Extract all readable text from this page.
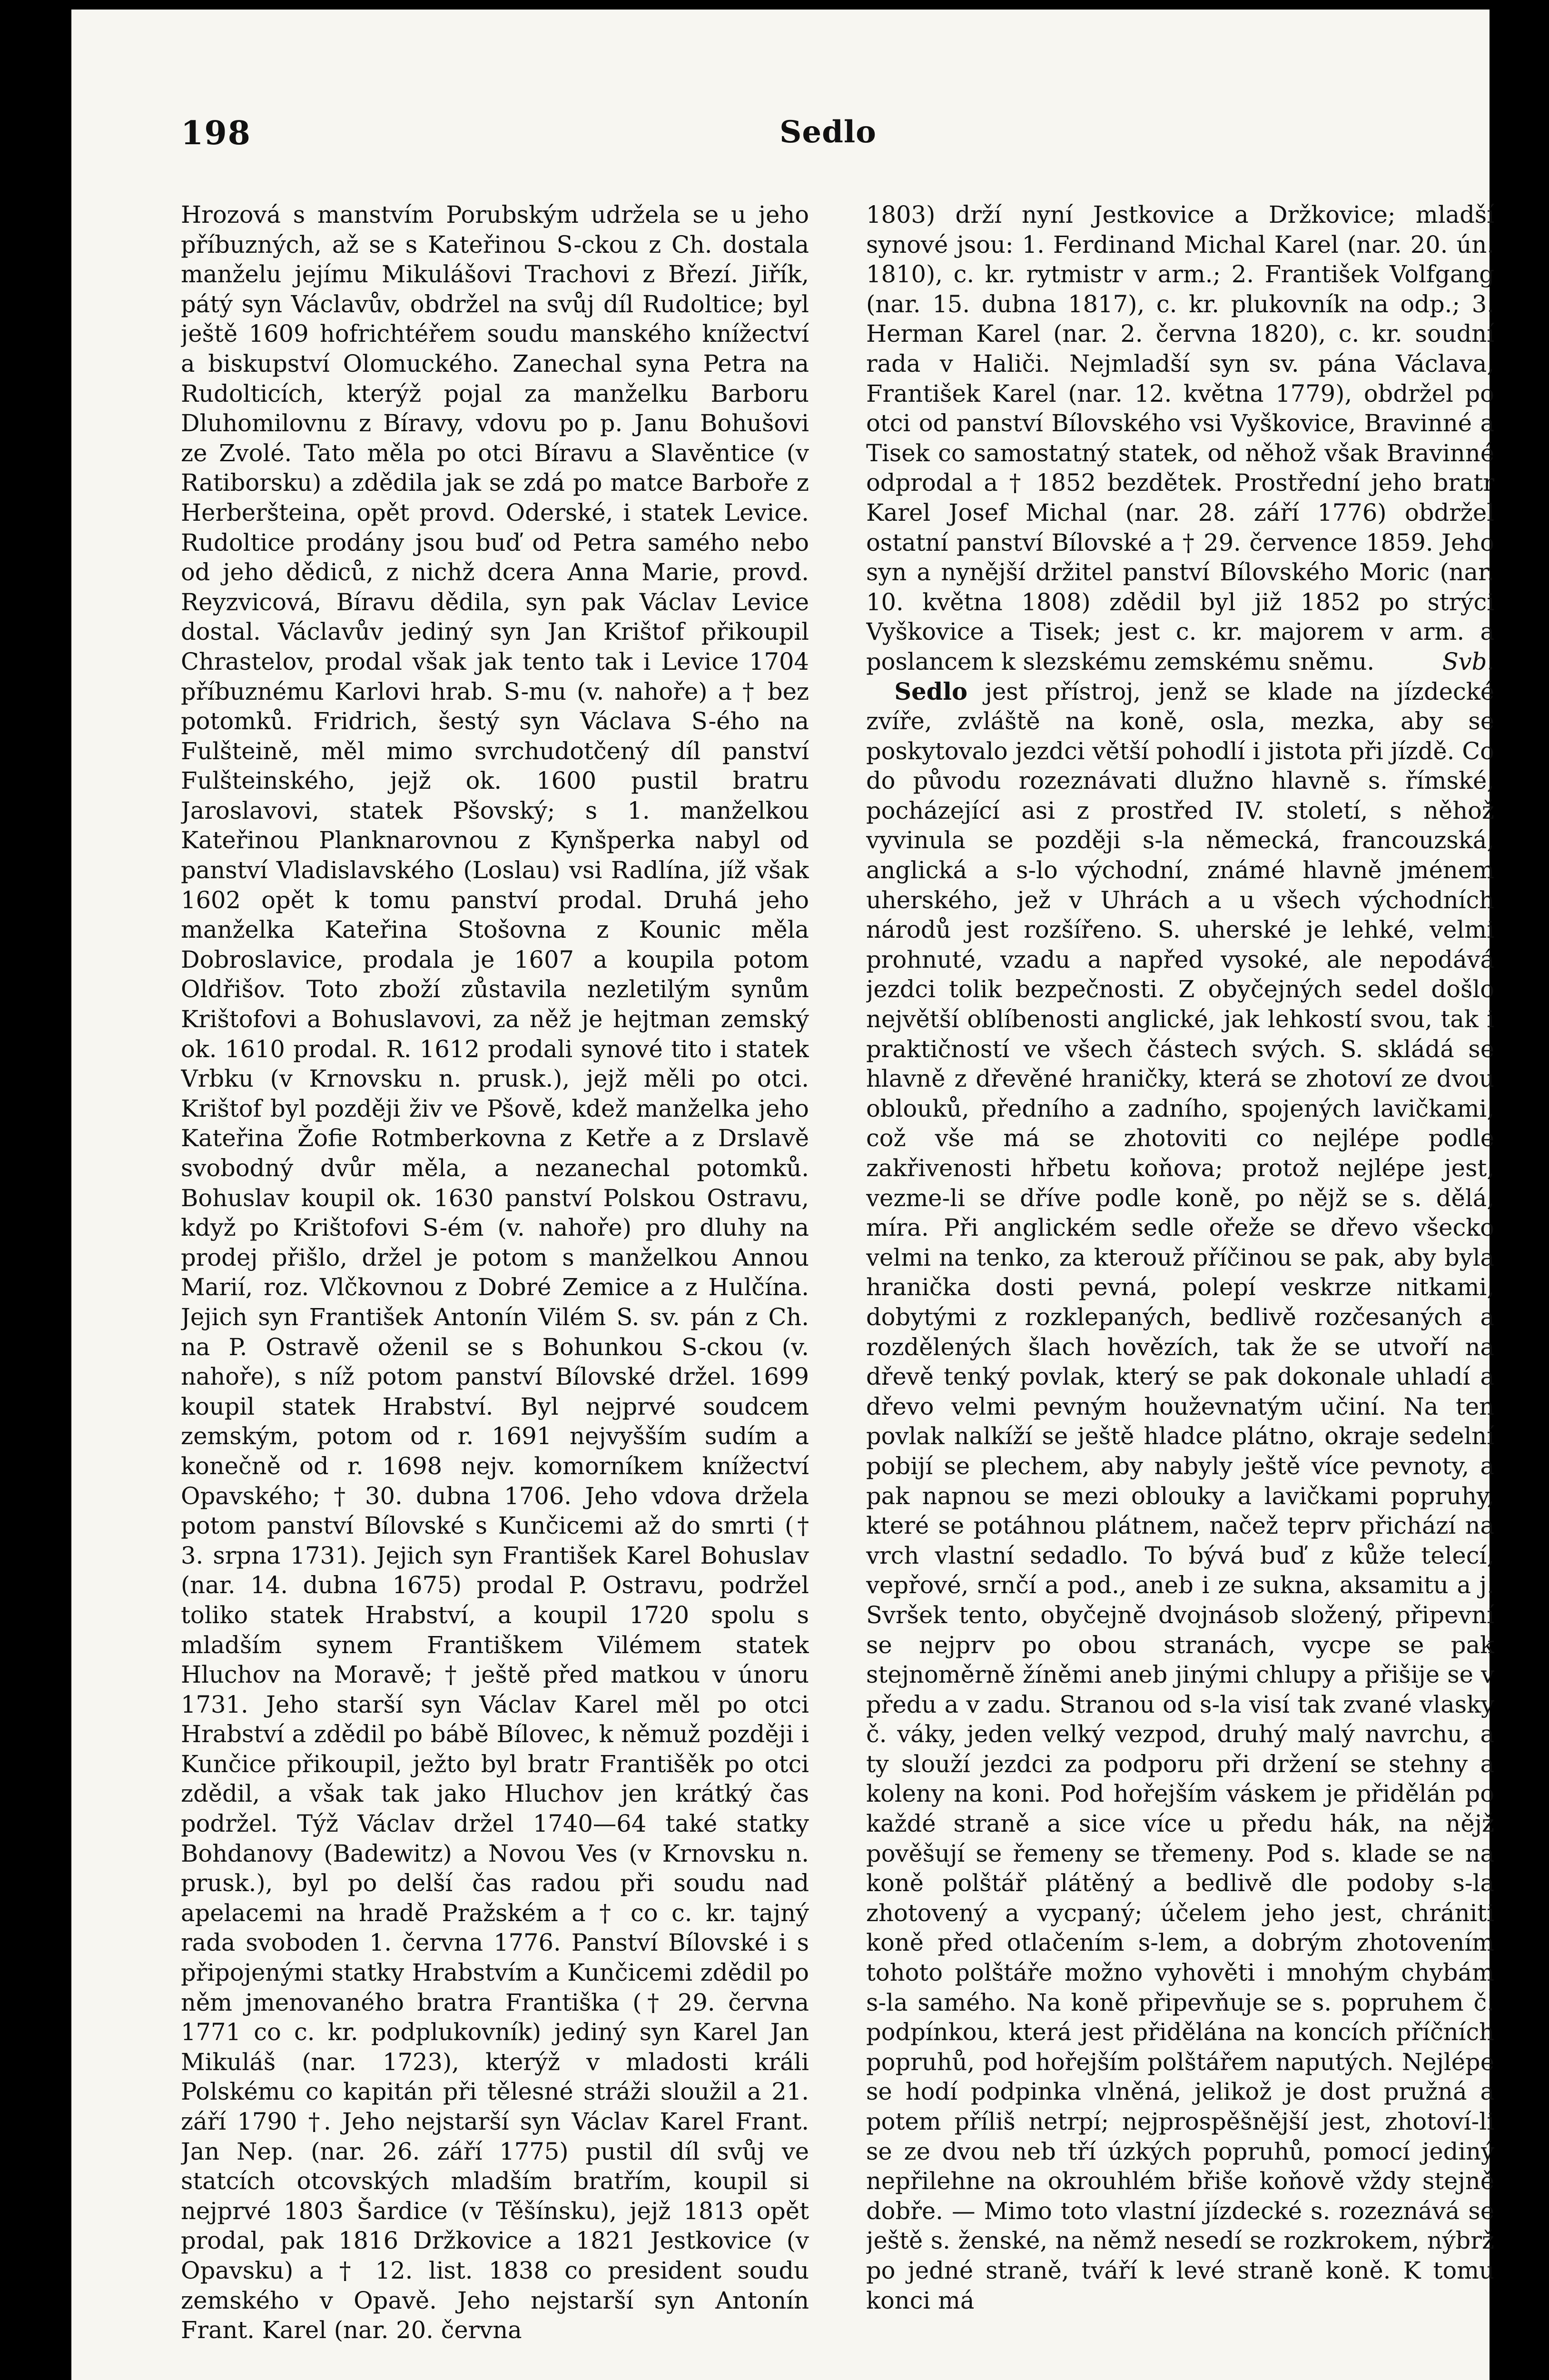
198	Sedlo

Hrozová s manstvím Porubským udržela se u jeho příbuzných, až se s Kateřinou S-ckou z Ch. dostala manželu jejímu Mikulášovi Trachovi z Březí. Jiřík, pátý syn Václavův, obdržel na svůj díl Rudoltice; byl ještě 1609 hofrichtéřem soudu manského knížectví a biskupství Olomuckého. Zanechal syna Petra na Rudolticích, kterýž pojal za manželku Barboru Dluhomilovnu z Bíravy, vdovu po p. Janu Bohušovi ze Zvolé. Tato měla po otci Bíravu a Slavěntice (v Ratiborsku) a zdědila jak se zdá po matce Barboře z Herberšteina, opět provd. Oderské, i statek Levice. Rudoltice prodány jsou buď od Petra samého nebo od jeho dědiců, z nichž dcera Anna Marie, provd. Reyzvicová, Bíravu dědila, syn pak Václav Levice dostal. Václavův jediný syn Jan Krištof přikoupil Chrastelov, prodal však jak tento tak i Levice 1704 příbuznému Karlovi hrab. S-mu (v. nahoře) a † bez potomků. Fridrich, šestý syn Václava S-ého na Fulšteině, měl mimo svrchudotčený díl panství Fulšteinského, jejž ok. 1600 pustil bratru Jaroslavovi, statek Pšovský; s 1. manželkou Kateřinou Planknarovnou z Kynšperka nabyl od panství Vladislavského (Loslau) vsi Radlína, jíž však 1602 opět k tomu panství prodal. Druhá jeho manželka Kateřina Stošovna z Kounic měla Dobroslavice, prodala je 1607 a koupila potom Oldřišov. Toto zboží zůstavila nezletilým synům Krištofovi a Bohuslavovi, za něž je hejtman zemský ok. 1610 prodal. R. 1612 prodali synové tito i statek Vrbku (v Krnovsku n. prusk.), jejž měli po otci. Krištof byl později živ ve Pšově, kdež manželka jeho Kateřina Žofie Rotmberkovna z Ketře a z Drslavě svobodný dvůr měla, a nezanechal potomků. Bohuslav koupil ok. 1630 panství Polskou Ostravu, když po Krištofovi S-ém (v. nahoře) pro dluhy na prodej přišlo, držel je potom s manželkou Annou Marií, roz. Vlčkovnou z Dobré Zemice a z Hulčína. Jejich syn František Antonín Vilém S. sv. pán z Ch. na P. Ostravě oženil se s Bohunkou S-ckou (v. nahoře), s níž potom panství Bílovské držel. 1699 koupil statek Hrabství. Byl nejprvé soudcem zemským, potom od r. 1691 nejvyšším sudím a konečně od r. 1698 nejv. komorníkem knížectví Opavského; † 30. dubna 1706. Jeho vdova držela potom panství Bílovské s Kunčicemi až do smrti († 3. srpna 1731). Jejich syn František Karel Bohuslav (nar. 14. dubna 1675) prodal P. Ostravu, podržel toliko statek Hrabství, a koupil 1720 spolu s mladším synem Františkem Vilémem statek Hluchov na Moravě; † ještě před matkou v únoru 1731. Jeho starší syn Václav Karel měl po otci Hrabství a zdědil po bábě Bílovec, k němuž později i Kunčice přikoupil, ježto byl bratr Františěk po otci zdědil, a však tak jako Hluchov jen krátký čas podržel. Týž Václav držel 1740—64 také statky Bohdanovy (Badewitz) a Novou Ves (v Krnovsku n. prusk.), byl po delší čas radou při soudu nad apelacemi na hradě Pražském a † co c. kr. tajný rada svoboden 1. června 1776. Panství Bílovské i s připojenými statky Hrabstvím a Kunčicemi zdědil po něm jmenovaného bratra Františka († 29. června 1771 co c. kr. podplukovník) jediný syn Karel Jan Mikuláš (nar. 1723), kterýž v mladosti králi Polskému co kapitán při tělesné stráži sloužil a 21. září 1790 †. Jeho nejstarší syn Václav Karel Frant. Jan Nep. (nar. 26. září 1775) pustil díl svůj ve statcích otcovských mladším bratřím, koupil si nejprvé 1803 Šardice (v Těšínsku), jejž 1813 opět prodal, pak 1816 Držkovice a 1821 Jestkovice (v Opavsku) a † 12. list. 1838 co president soudu zemského v Opavě. Jeho nejstarší syn Antonín Frant. Karel (nar. 20. června

1803) drží nyní Jestkovice a Držkovice; mladší synové jsou: 1. Ferdinand Michal Karel (nar. 20. ún. 1810), c. kr. rytmistr v arm.; 2. František Volfgang (nar. 15. dubna 1817), c. kr. plukovník na odp.; 3. Herman Karel (nar. 2. června 1820), c. kr. soudní rada v Haliči. Nejmladší syn sv. pána Václava, František Karel (nar. 12. května 1779), obdržel po otci od panství Bílovského vsi Vyškovice, Bravinné a Tisek co samostatný statek, od něhož však Bravinné odprodal a † 1852 bezdětek. Prostřední jeho bratr Karel Josef Michal (nar. 28. září 1776) obdržel ostatní panství Bílovské a † 29. července 1859. Jeho syn a nynější držitel panství Bílovského Moric (nar. 10. května 1808) zdědil byl již 1852 po strýci Vyškovice a Tisek; jest c. kr. majorem v arm. a poslancem k slezskému zemskému sněmu.	Svb.

Sedlo jest přístroj, jenž se klade na jízdecké zvíře, zvláště na koně, osla, mezka, aby se poskytovalo jezdci větší pohodlí i jistota při jízdě. Co do původu rozeznávati dlužno hlavně s. římské, pocházející asi z prostřed IV. století, s něhož vyvinula se později s-la německá, francouzská, anglická a s-lo východní, známé hlavně jménem uherského, jež v Uhrách a u všech východních národů jest rozšířeno. S. uherské je lehké, velmi prohnuté, vzadu a napřed vysoké, ale nepodává jezdci tolik bezpečnosti. Z obyčejných sedel došlo největší oblíbenosti anglické, jak lehkostí svou, tak i praktičností ve všech částech svých. S. skládá se hlavně z dřevěné hraničky, která se zhotoví ze dvou oblouků, předního a zadního, spojených lavičkami, což vše má se zhotoviti co nejlépe podle zakřivenosti hřbetu koňova; protož nejlépe jest, vezme-li se dříve podle koně, po nějž se s. dělá, míra. Při anglickém sedle ořeže se dřevo všecko velmi na tenko, za kterouž příčinou se pak, aby byla hranička dosti pevná, polepí veskrze nitkami, dobytými z rozklepaných, bedlivě rozčesaných a rozdělených šlach hovězích, tak že se utvoří na dřevě tenký povlak, který se pak dokonale uhladí a dřevo velmi pevným houževnatým učiní. Na ten povlak nalkíží se ještě hladce plátno, okraje sedelní pobijí se plechem, aby nabyly ještě více pevnoty, a pak napnou se mezi oblouky a lavičkami popruhy, které se potáhnou plátnem, načež teprv přichází na vrch vlastní sedadlo. To bývá buď z kůže telecí, vepřové, srnčí a pod., aneb i ze sukna, aksamitu a j. Svršek tento, obyčejně dvojnásob složený, připevní se nejprv po obou stranách, vycpe se pak stejnoměrně žíněmi aneb jinými chlupy a přišije se v předu a v zadu. Stranou od s-la visí tak zvané vlasky č. váky, jeden velký vezpod, druhý malý navrchu, a ty slouží jezdci za podporu při držení se stehny a koleny na koni. Pod hořejším váskem je přidělán po každé straně a sice více u předu hák, na nějž pověšují se řemeny se třemeny. Pod s. klade se na koně polštář plátěný a bedlivě dle podoby s-la zhotovený a vycpaný; účelem jeho jest, chrániti koně před otlačením s-lem, a dobrým zhotovením tohoto polštáře možno vyhověti i mnohým chybám s-la samého. Na koně připevňuje se s. popruhem č. podpínkou, která jest přidělána na koncích příčních popruhů, pod hořejším polštářem naputých. Nejlépe se hodí podpinka vlněná, jelikož je dost pružná a potem příliš netrpí; nejprospěšnější jest, zhotoví-li se ze dvou neb tří úzkých popruhů, pomocí jediný nepřilehne na okrouhlém břiše koňově vždy stejně dobře. — Mimo toto vlastní jízdecké s. rozeznává se ještě s. ženské, na němž nesedí se rozkrokem, nýbrž po jedné straně, tváří k levé straně koně. K tomu konci má
